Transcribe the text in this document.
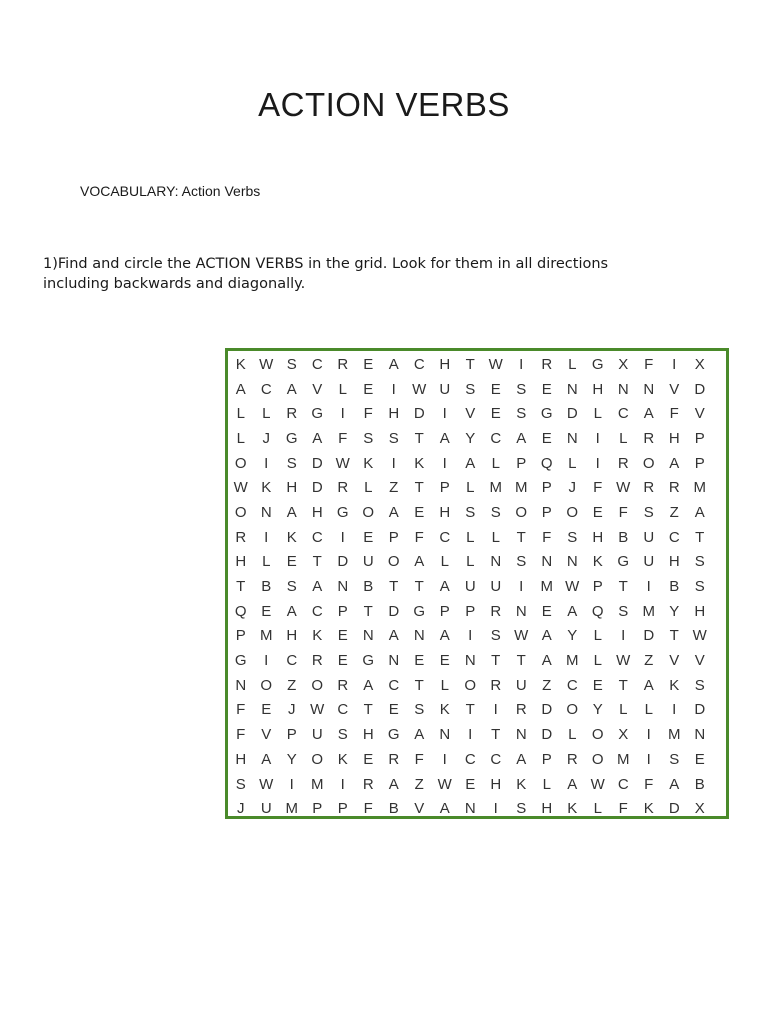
ACTION VERBS
VOCABULARY: Action Verbs
1)Find and circle the ACTION VERBS in the grid. Look for them in all directions
including backwards and diagonally.
K W S	C R	E	A	C H	T W	I	R	L	G X	F	I	X
A	C	A	V	L	E	I	W U	S	E	S	E	N H N N	V	D
L	L	R G	I	F	H D	I	V	E	S G D	L	C	A	F	V
L	J	G A	F	S	S	T	A	Y	C	A	E	N	I	L	R H	P
O	I	S	D W K	I	K	I	A	L	P Q	L	I	R O A	P
W K	H D R	L	Z	T	P	L	M M P	J	F W R R M
O N	A	H G O A	E	H	S	S O P O E	F	S	Z	A
R	I	K	C	I	E	P	F	C	L	L	T	F	S	H	B	U C	T
H	L	E	T	D U O A	L	L	N	S	N N	K G U H	S
T	B	S	A	N	B	T	T	A	U U	I	M W P	T	I	B	S
Q E	A	C	P	T	D G P	P	R N	E	A Q S M Y	H
P M H	K	E	N	A	N	A	I	S W A	Y	L	I	D	T W
G	I	C R	E G N	E	E	N	T	T	A M	L W Z	V	V
N O	Z	O R	A	C	T	L	O R U	Z	C	E	T	A	K	S
F	E	J W C	T	E	S	K	T	I	R D O Y	L	L	I	D
F	V	P	U	S	H G A	N	I	T	N D	L	O X	I	M N
H	A	Y O K	E	R	F	I	C C	A	P	R O M	I	S	E
S W	I	M	I	R	A	Z W E	H	K	L	A W C	F	A	B
J	U M P	P	F	B	V	A	N	I	S	H	K	L	F	K	D	X
